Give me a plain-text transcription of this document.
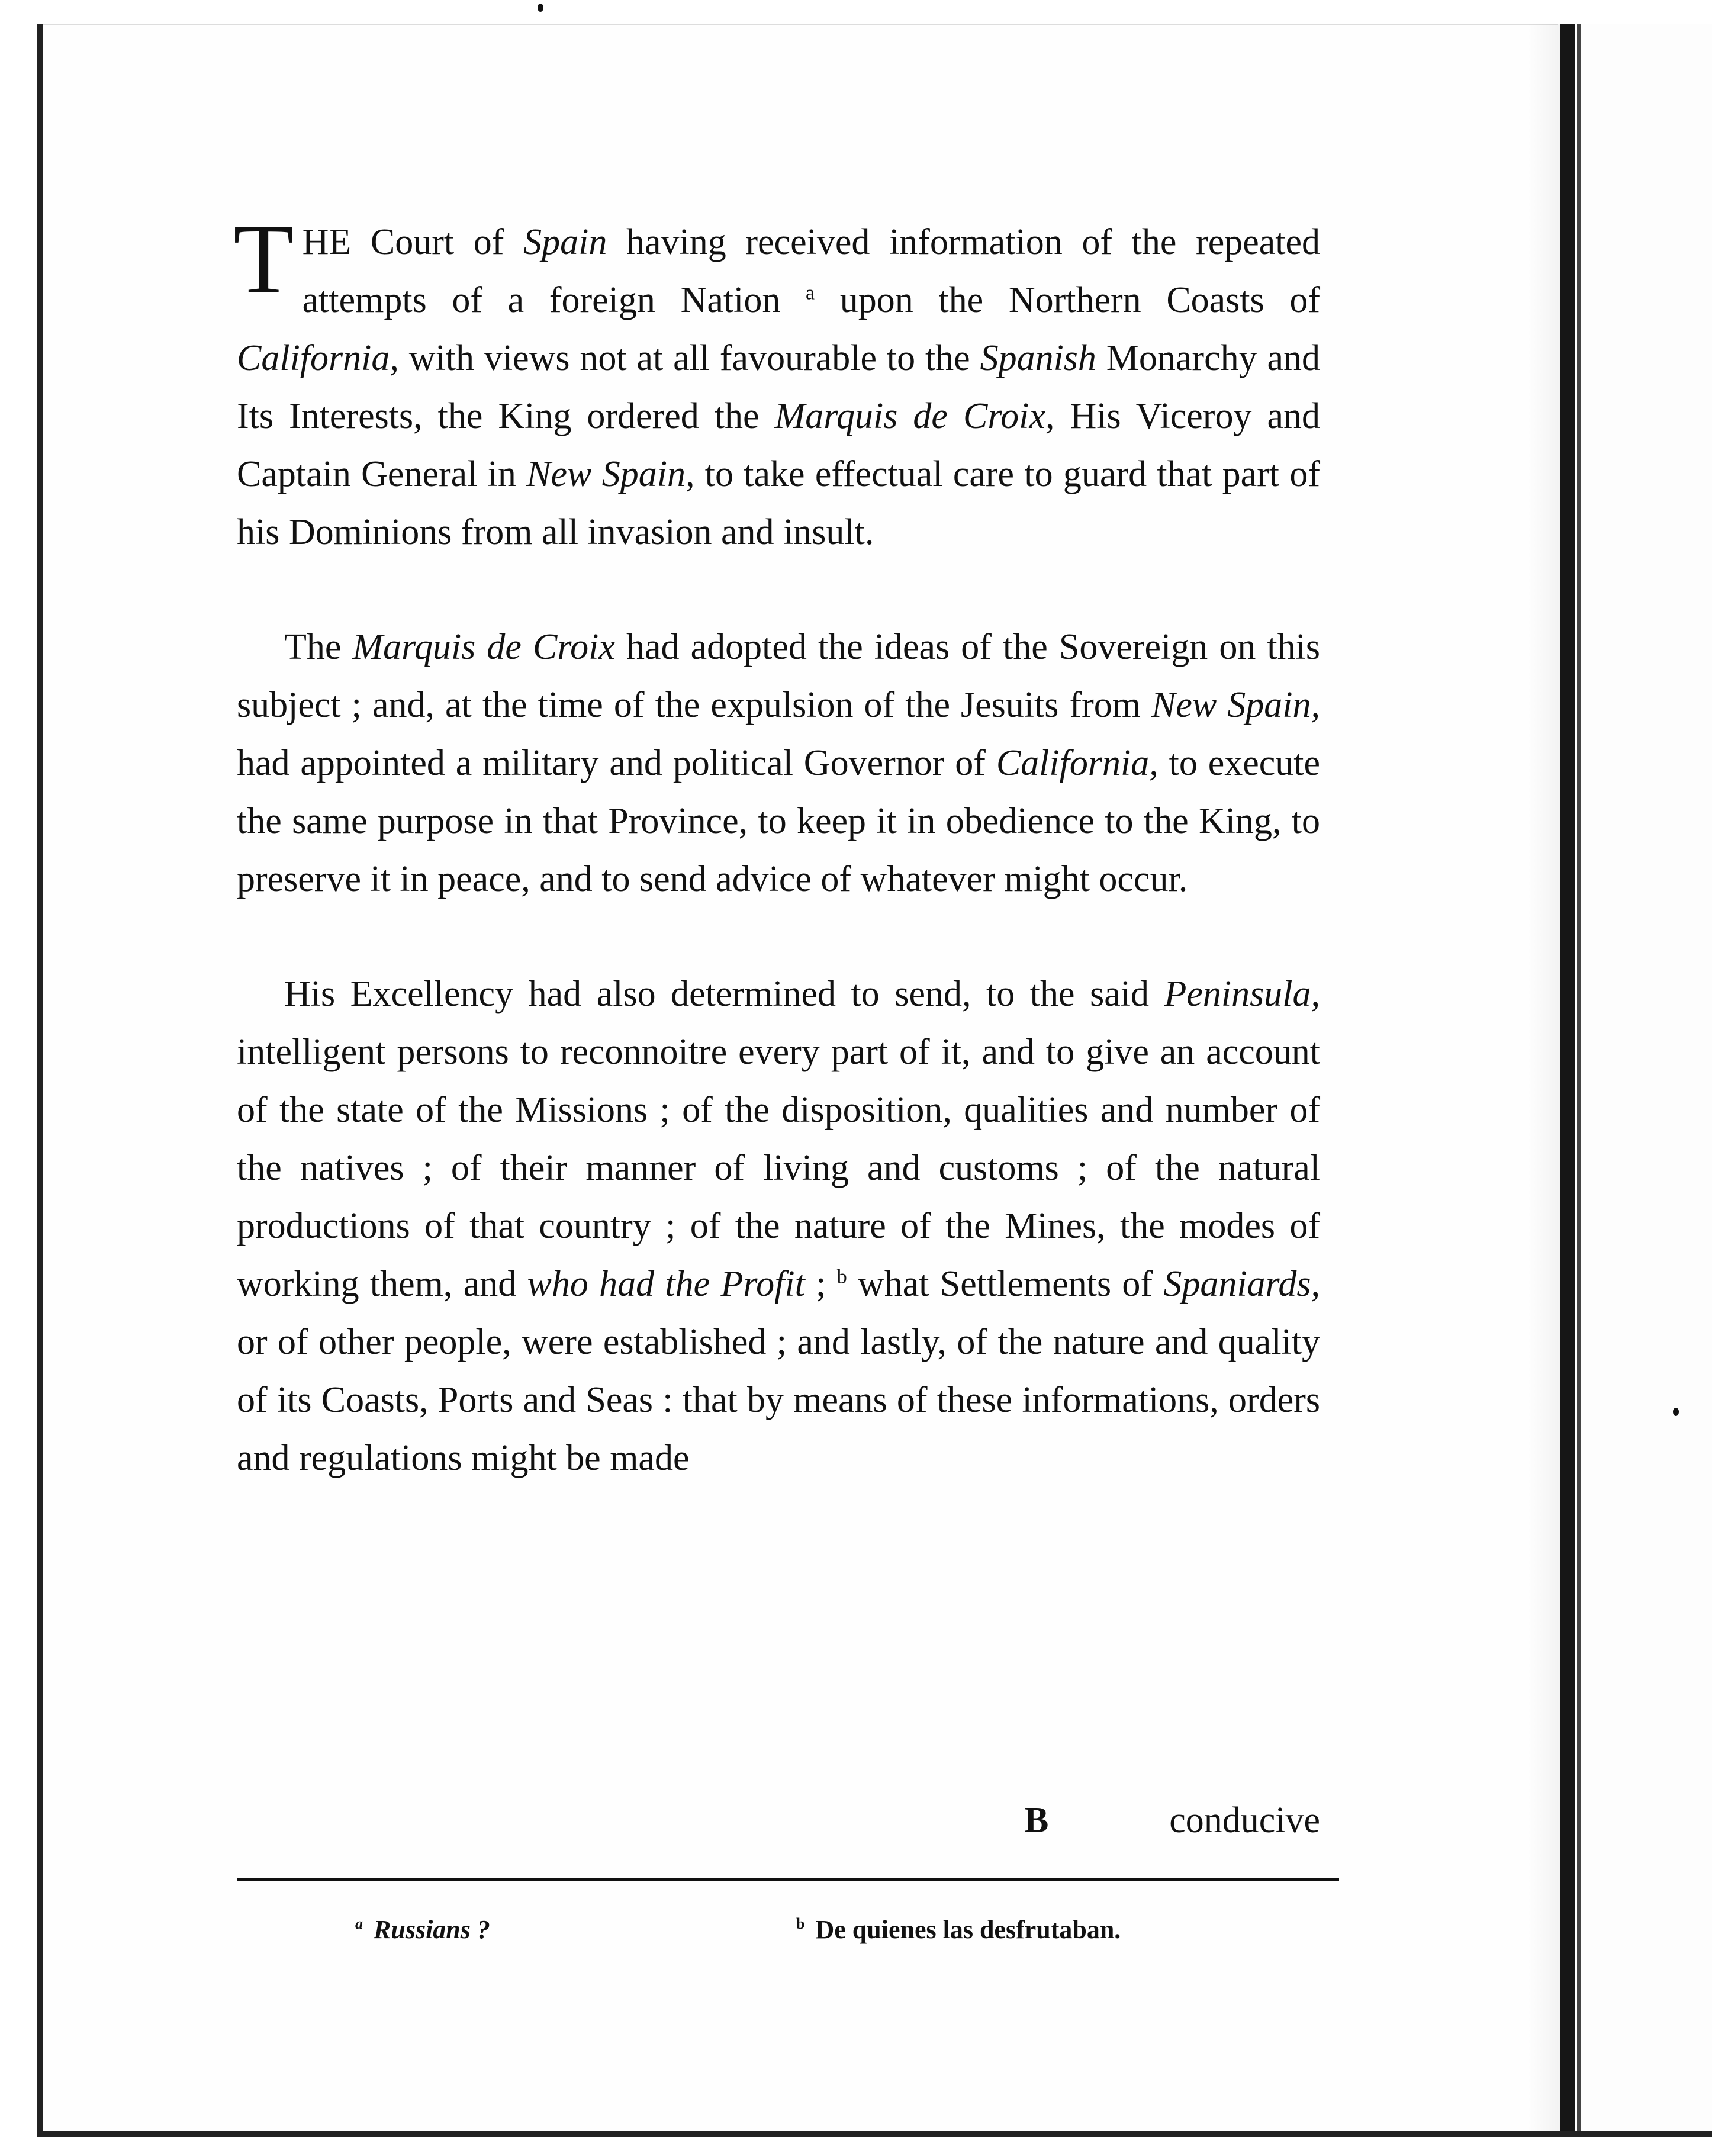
THE Court of Spain having received information of the repeated attempts of a foreign Nation $^a$ upon the Northern Coasts of California, with views not at all favourable to the Spanish Monarchy and Its Interests, the King ordered the Marquis de Croix, His Viceroy and Captain General in New Spain, to take effectual care to guard that part of his Dominions from all invasion and insult.

The Marquis de Croix had adopted the ideas of the Sovereign on this subject ; and, at the time of the expulsion of the Jesuits from New Spain, had appointed a military and political Governor of California, to execute the same purpose in that Province, to keep it in obedience to the King, to preserve it in peace, and to send advice of whatever might occur.

His Excellency had also determined to send, to the said Peninsula, intelligent persons to reconnoitre every part of it, and to give an account of the state of the Missions ; of the disposition, qualities and number of the natives ; of their manner of living and customs ; of the natural productions of that country ; of the nature of the Mines, the modes of working them, and who had the Profit ; $^b$ what Settlements of Spaniards, or of other people, were established ; and lastly, of the nature and quality of its Coasts, Ports and Seas : that by means of these informations, orders and regulations might be made

B	conducive
$^a$ Russians ?	$^b$ De quienes las desfrutaban.
